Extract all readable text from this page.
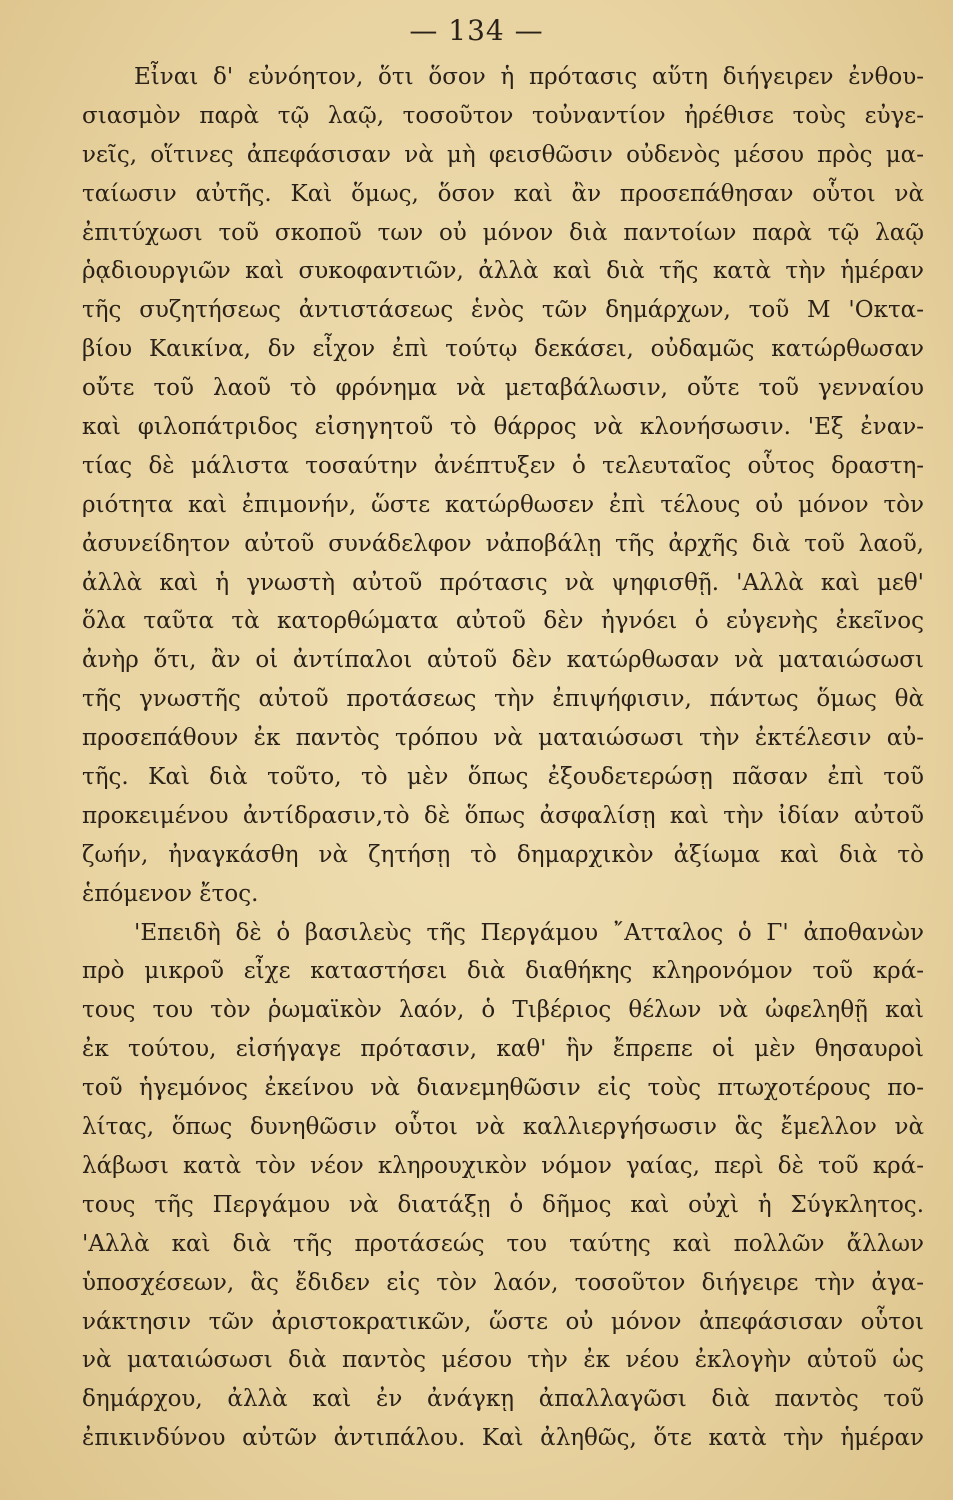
— 134 —
Εἶναι δ' εὐνόητον, ὅτι ὅσον ἡ πρότασις αὕτη διήγειρεν ἐνθου-
σιασμὸν παρὰ τῷ λαῷ, τοσοῦτον τοὐναντίον ἠρέθισε τοὺς εὐγε-
νεῖς, οἵτινες ἀπεφάσισαν νὰ μὴ φεισθῶσιν οὐδενὸς μέσου πρὸς μα-
ταίωσιν αὐτῆς. Καὶ ὅμως, ὅσον καὶ ἂν προσεπάθησαν οὗτοι νὰ
ἐπιτύχωσι τοῦ σκοποῦ των οὐ μόνον διὰ παντοίων παρὰ τῷ λαῷ
ῥᾳδιουργιῶν καὶ συκοφαντιῶν, ἀλλὰ καὶ διὰ τῆς κατὰ τὴν ἡμέραν
τῆς συζητήσεως ἀντιστάσεως ἑνὸς τῶν δημάρχων, τοῦ Μ 'Οκτα-
βίου Καικίνα, δν εἶχον ἐπὶ τούτῳ δεκάσει, οὐδαμῶς κατώρθωσαν
οὔτε τοῦ λαοῦ τὸ φρόνημα νὰ μεταβάλωσιν, οὔτε τοῦ γενναίου
καὶ φιλοπάτριδος εἰσηγητοῦ τὸ θάρρος νὰ κλονήσωσιν. 'Εξ ἐναν-
τίας δὲ μάλιστα τοσαύτην ἀνέπτυξεν ὁ τελευταῖος οὗτος δραστη-
ριότητα καὶ ἐπιμονήν, ὥστε κατώρθωσεν ἐπὶ τέλους οὐ μόνον τὸν
ἀσυνείδητον αὐτοῦ συνάδελφον νἀποβάλῃ τῆς ἀρχῆς διὰ τοῦ λαοῦ,
ἀλλὰ καὶ ἡ γνωστὴ αὐτοῦ πρότασις νὰ ψηφισθῇ. 'Αλλὰ καὶ μεθ'
ὅλα ταῦτα τὰ κατορθώματα αὐτοῦ δὲν ἠγνόει ὁ εὐγενὴς ἐκεῖνος
ἀνὴρ ὅτι, ἂν οἱ ἀντίπαλοι αὐτοῦ δὲν κατώρθωσαν νὰ ματαιώσωσι
τῆς γνωστῆς αὐτοῦ προτάσεως τὴν ἐπιψήφισιν, πάντως ὅμως θὰ
προσεπάθουν ἐκ παντὸς τρόπου νὰ ματαιώσωσι τὴν ἐκτέλεσιν αὐ-
τῆς. Καὶ διὰ τοῦτο, τὸ μὲν ὅπως ἐξουδετερώσῃ πᾶσαν ἐπὶ τοῦ
προκειμένου ἀντίδρασιν,τὸ δὲ ὅπως ἀσφαλίσῃ καὶ τὴν ἰδίαν αὐτοῦ
ζωήν, ἠναγκάσθη νὰ ζητήσῃ τὸ δημαρχικὸν ἀξίωμα καὶ διὰ τὸ
ἑπόμενον ἔτος.
'Επειδὴ δὲ ὁ βασιλεὺς τῆς Περγάμου ῎Ατταλος ὁ Γ' ἀποθανὼν
πρὸ μικροῦ εἶχε καταστήσει διὰ διαθήκης κληρονόμον τοῦ κρά-
τους του τὸν ῥωμαϊκὸν λαόν, ὁ Τιβέριος θέλων νὰ ὠφεληθῇ καὶ
ἐκ τούτου, εἰσήγαγε πρότασιν, καθ' ἣν ἔπρεπε οἱ μὲν θησαυροὶ
τοῦ ἡγεμόνος ἐκείνου νὰ διανεμηθῶσιν εἰς τοὺς πτωχοτέρους πο-
λίτας, ὅπως δυνηθῶσιν οὗτοι νὰ καλλιεργήσωσιν ἃς ἔμελλον νὰ
λάβωσι κατὰ τὸν νέον κληρουχικὸν νόμον γαίας, περὶ δὲ τοῦ κρά-
τους τῆς Περγάμου νὰ διατάξῃ ὁ δῆμος καὶ οὐχὶ ἡ Σύγκλητος.
'Αλλὰ καὶ διὰ τῆς προτάσεώς του ταύτης καὶ πολλῶν ἄλλων
ὑποσχέσεων, ἃς ἔδιδεν εἰς τὸν λαόν, τοσοῦτον διήγειρε τὴν ἀγα-
νάκτησιν τῶν ἀριστοκρατικῶν, ὥστε οὐ μόνον ἀπεφάσισαν οὗτοι
νὰ ματαιώσωσι διὰ παντὸς μέσου τὴν ἐκ νέου ἐκλογὴν αὐτοῦ ὡς
δημάρχου, ἀλλὰ καὶ ἐν ἀνάγκῃ ἀπαλλαγῶσι διὰ παντὸς τοῦ
ἐπικινδύνου αὐτῶν ἀντιπάλου. Καὶ ἀληθῶς, ὅτε κατὰ τὴν ἡμέραν
